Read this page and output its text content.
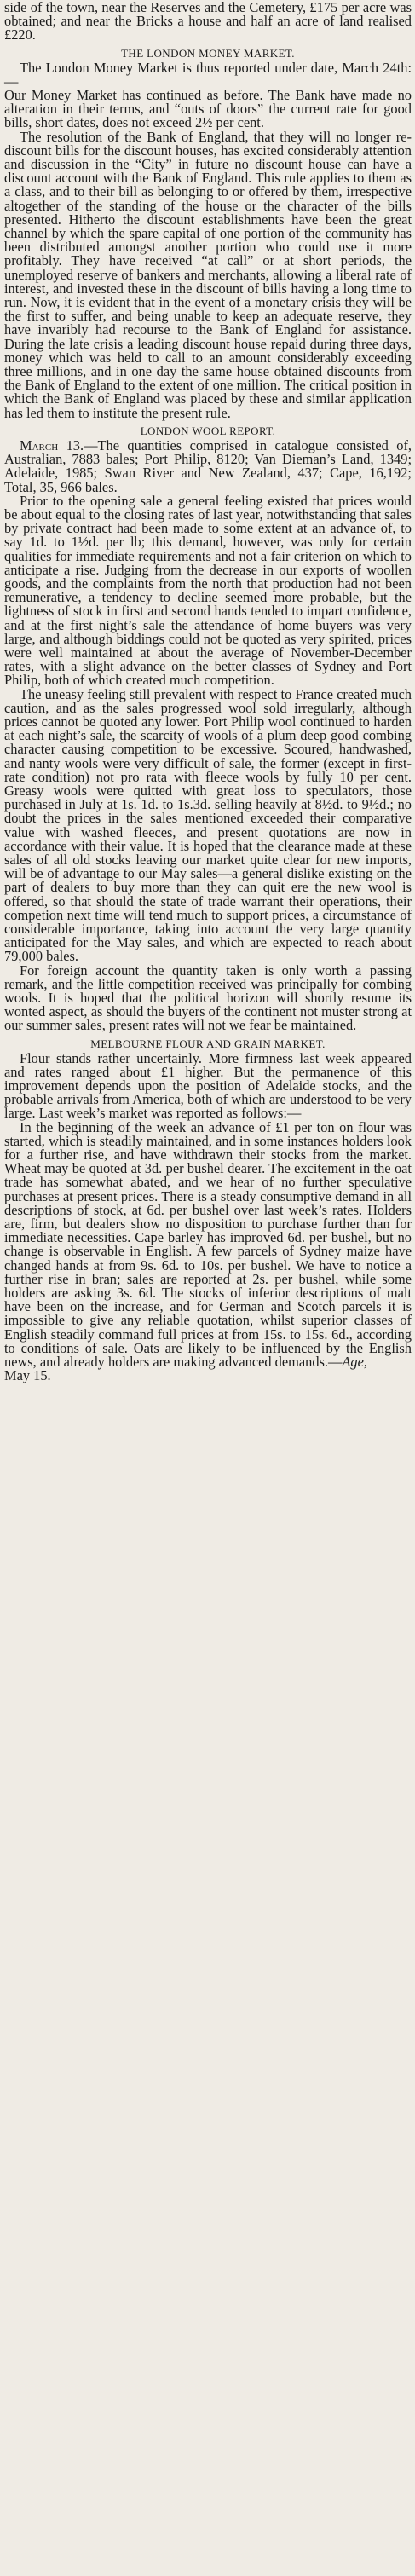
side of the town, near the Reserves and the Cemetery, £175 per acre was obtained; and near the Bricks a house and half an acre of land realised £220.

THE LONDON MONEY MARKET.

The London Money Market is thus reported under date, March 24th:—

Our Money Market has continued as before. The Bank have made no alteration in their terms, and “outs of doors” the current rate for good bills, short dates, does not exceed 2½ per cent.

The resolution of the Bank of England, that they will no longer re-discount bills for the discount houses, has excited considerably attention and discussion in the “City” in future no discount house can have a discount account with the Bank of England. This rule applies to them as a class, and to their bill as belonging to or offered by them, irrespective altogether of the standing of the house or the character of the bills presented. Hitherto the discount establishments have been the great channel by which the spare capital of one portion of the community has been distributed amongst another portion who could use it more profitably. They have received “at call” or at short periods, the unemployed reserve of bankers and merchants, allowing a liberal rate of interest, and invested these in the discount of bills having a long time to run. Now, it is evident that in the event of a monetary crisis they will be the first to suffer, and being unable to keep an adequate reserve, they have invaribly had recourse to the Bank of England for assistance. During the late crisis a leading discount house repaid during three days, money which was held to call to an amount considerably exceeding three millions, and in one day the same house obtained discounts from the Bank of England to the extent of one million. The critical position in which the Bank of England was placed by these and similar application has led them to institute the present rule.

LONDON WOOL REPORT.

March 13.—The quantities comprised in catalogue consisted of, Australian, 7883 bales; Port Philip, 8120; Van Dieman’s Land, 1349; Adelaide, 1985; Swan River and New Zealand, 437; Cape, 16,192; Total, 35, 966 bales.

Prior to the opening sale a general feeling existed that prices would be about equal to the closing rates of last year, notwithstanding that sales by private contract had been made to some extent at an advance of, to say 1d. to 1½d. per lb; this demand, however, was only for certain qualities for immediate requirements and not a fair criterion on which to anticipate a rise. Judging from the decrease in our exports of woollen goods, and the complaints from the north that production had not been remunerative, a tendency to decline seemed more probable, but the lightness of stock in first and second hands tended to impart confidence, and at the first night’s sale the attendance of home buyers was very large, and although biddings could not be quoted as very spirited, prices were well maintained at about the average of November-December rates, with a slight advance on the better classes of Sydney and Port Philip, both of which created much competition.

The uneasy feeling still prevalent with respect to France created much caution, and as the sales progressed wool sold irregularly, although prices cannot be quoted any lower. Port Philip wool continued to harden at each night’s sale, the scarcity of wools of a plum deep good combing character causing competition to be excessive. Scoured, handwashed, and nanty wools were very difficult of sale, the former (except in first-rate condition) not pro rata with fleece wools by fully 10 per cent. Greasy wools were quitted with great loss to speculators, those purchased in July at 1s. 1d. to 1s.3d. selling heavily at 8½d. to 9½d.; no doubt the prices in the sales mentioned exceeded their comparative value with washed fleeces, and present quotations are now in accordance with their value. It is hoped that the clearance made at these sales of all old stocks leaving our market quite clear for new imports, will be of advantage to our May sales—a general dislike existing on the part of dealers to buy more than they can quit ere the new wool is offered, so that should the state of trade warrant their operations, their competion next time will tend much to support prices, a circumstance of considerable importance, taking into account the very large quantity anticipated for the May sales, and which are expected to reach about 79,000 bales.

For foreign account the quantity taken is only worth a passing remark, and the little competition received was principally for combing wools. It is hoped that the political horizon will shortly resume its wonted aspect, as should the buyers of the continent not muster strong at our summer sales, present rates will not we fear be maintained.

MELBOURNE FLOUR AND GRAIN MARKET.

Flour stands rather uncertainly. More firmness last week appeared and rates ranged about £1 higher. But the permanence of this improvement depends upon the position of Adelaide stocks, and the probable arrivals from America, both of which are understood to be very large. Last week’s market was reported as follows:—

In the beginning of the week an advance of £1 per ton on flour was started, which is steadily maintained, and in some instances holders look for a further rise, and have withdrawn their stocks from the market. Wheat may be quoted at 3d. per bushel dearer. The excitement in the oat trade has somewhat abated, and we hear of no further speculative purchases at present prices. There is a steady consumptive demand in all descriptions of stock, at 6d. per bushel over last week’s rates. Holders are, firm, but dealers show no disposition to purchase further than for immediate necessities. Cape barley has improved 6d. per bushel, but no change is observable in English. A few parcels of Sydney maize have changed hands at from 9s. 6d. to 10s. per bushel. We have to notice a further rise in bran; sales are reported at 2s. per bushel, while some holders are asking 3s. 6d. The stocks of inferior descriptions of malt have been on the increase, and for German and Scotch parcels it is impossible to give any reliable quotation, whilst superior classes of English steadily command full prices at from 15s. to 15s. 6d., according to conditions of sale. Oats are likely to be influenced by the English news, and already holders are making advanced demands.—Age,
May 15.
